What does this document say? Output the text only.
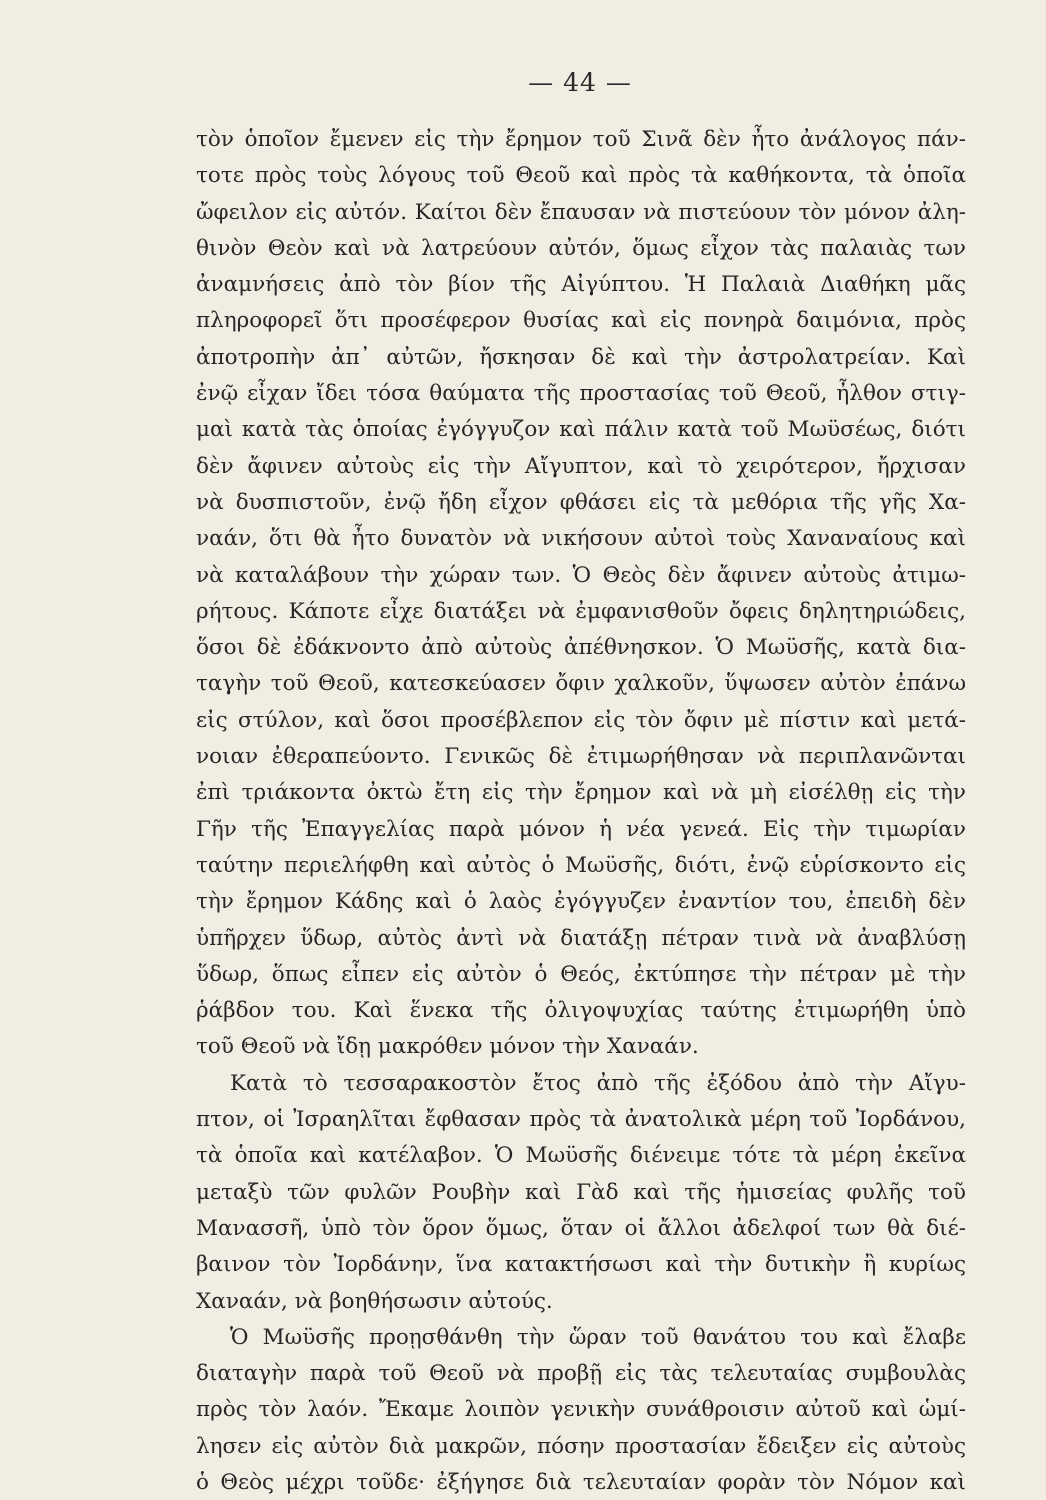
— 44 —
τὸν ὁποῖον ἔμενεν εἰς τὴν ἔρημον τοῦ Σινᾶ δὲν ἦτο ἀνάλογος πάν-
τοτε πρὸς τοὺς λόγους τοῦ Θεοῦ καὶ πρὸς τὰ καθήκοντα, τὰ ὁποῖα
ὤφειλον εἰς αὐτόν. Καίτοι δὲν ἔπαυσαν νὰ πιστεύουν τὸν μόνον ἀλη-
θινὸν Θεὸν καὶ νὰ λατρεύουν αὐτόν, ὅμως εἶχον τὰς παλαιὰς των
ἀναμνήσεις ἀπὸ τὸν βίον τῆς Αἰγύπτου. Ἡ Παλαιὰ Διαθήκη μᾶς
πληροφορεῖ ὅτι προσέφερον θυσίας καὶ εἰς πονηρὰ δαιμόνια, πρὸς
ἀποτροπὴν ἀπ᾿ αὐτῶν, ἤσκησαν δὲ καὶ τὴν ἀστρολατρείαν. Καὶ
ἐνῷ εἶχαν ἴδει τόσα θαύματα τῆς προστασίας τοῦ Θεοῦ, ἦλθον στιγ-
μαὶ κατὰ τὰς ὁποίας ἐγόγγυζον καὶ πάλιν κατὰ τοῦ Μωϋσέως, διότι
δὲν ἄφινεν αὐτοὺς εἰς τὴν Αἴγυπτον, καὶ τὸ χειρότερον, ἤρχισαν
νὰ δυσπιστοῦν, ἐνῷ ἤδη εἶχον φθάσει εἰς τὰ μεθόρια τῆς γῆς Χα-
ναάν, ὅτι θὰ ἦτο δυνατὸν νὰ νικήσουν αὐτοὶ τοὺς Χαναναίους καὶ
νὰ καταλάβουν τὴν χώραν των. Ὁ Θεὸς δὲν ἄφινεν αὐτοὺς ἀτιμω-
ρήτους. Κάποτε εἶχε διατάξει νὰ ἐμφανισθοῦν ὄφεις δηλητηριώδεις,
ὅσοι δὲ ἐδάκνοντο ἀπὸ αὐτοὺς ἀπέθνησκον. Ὁ Μωϋσῆς, κατὰ δια-
ταγὴν τοῦ Θεοῦ, κατεσκεύασεν ὄφιν χαλκοῦν, ὕψωσεν αὐτὸν ἐπάνω
εἰς στύλον, καὶ ὅσοι προσέβλεπον εἰς τὸν ὄφιν μὲ πίστιν καὶ μετά-
νοιαν ἐθεραπεύοντο. Γενικῶς δὲ ἐτιμωρήθησαν νὰ περιπλανῶνται
ἐπὶ τριάκοντα ὀκτὼ ἔτη εἰς τὴν ἔρημον καὶ νὰ μὴ εἰσέλθῃ εἰς τὴν
Γῆν τῆς Ἐπαγγελίας παρὰ μόνον ἡ νέα γενεά. Εἰς τὴν τιμωρίαν
ταύτην περιελήφθη καὶ αὐτὸς ὁ Μωϋσῆς, διότι, ἐνῷ εὑρίσκοντο εἰς
τὴν ἔρημον Κάδης καὶ ὁ λαὸς ἐγόγγυζεν ἐναντίον του, ἐπειδὴ δὲν
ὑπῆρχεν ὕδωρ, αὐτὸς ἀντὶ νὰ διατάξῃ πέτραν τινὰ νὰ ἀναβλύσῃ
ὕδωρ, ὅπως εἶπεν εἰς αὐτὸν ὁ Θεός, ἐκτύπησε τὴν πέτραν μὲ τὴν
ῥάβδον του. Καὶ ἕνεκα τῆς ὀλιγοψυχίας ταύτης ἐτιμωρήθη ὑπὸ
τοῦ Θεοῦ νὰ ἴδῃ μακρόθεν μόνον τὴν Χαναάν.
Κατὰ τὸ τεσσαρακοστὸν ἔτος ἀπὸ τῆς ἐξόδου ἀπὸ τὴν Αἴγυ-
πτον, οἱ Ἰσραηλῖται ἔφθασαν πρὸς τὰ ἀνατολικὰ μέρη τοῦ Ἰορδάνου,
τὰ ὁποῖα καὶ κατέλαβον. Ὁ Μωϋσῆς διένειμε τότε τὰ μέρη ἐκεῖνα
μεταξὺ τῶν φυλῶν Ρουβὴν καὶ Γὰδ καὶ τῆς ἡμισείας φυλῆς τοῦ
Μανασσῆ, ὑπὸ τὸν ὅρον ὅμως, ὅταν οἱ ἄλλοι ἀδελφοί των θὰ διέ-
βαινον τὸν Ἰορδάνην, ἵνα κατακτήσωσι καὶ τὴν δυτικὴν ἢ κυρίως
Χαναάν, νὰ βοηθήσωσιν αὐτούς.
Ὁ Μωϋσῆς προῃσθάνθη τὴν ὥραν τοῦ θανάτου του καὶ ἔλαβε
διαταγὴν παρὰ τοῦ Θεοῦ νὰ προβῇ εἰς τὰς τελευταίας συμβουλὰς
πρὸς τὸν λαόν. Ἔκαμε λοιπὸν γενικὴν συνάθροισιν αὐτοῦ καὶ ὡμί-
λησεν εἰς αὐτὸν διὰ μακρῶν, πόσην προστασίαν ἔδειξεν εἰς αὐτοὺς
ὁ Θεὸς μέχρι τοῦδε· ἐξήγησε διὰ τελευταίαν φορὰν τὸν Νόμον καὶ
